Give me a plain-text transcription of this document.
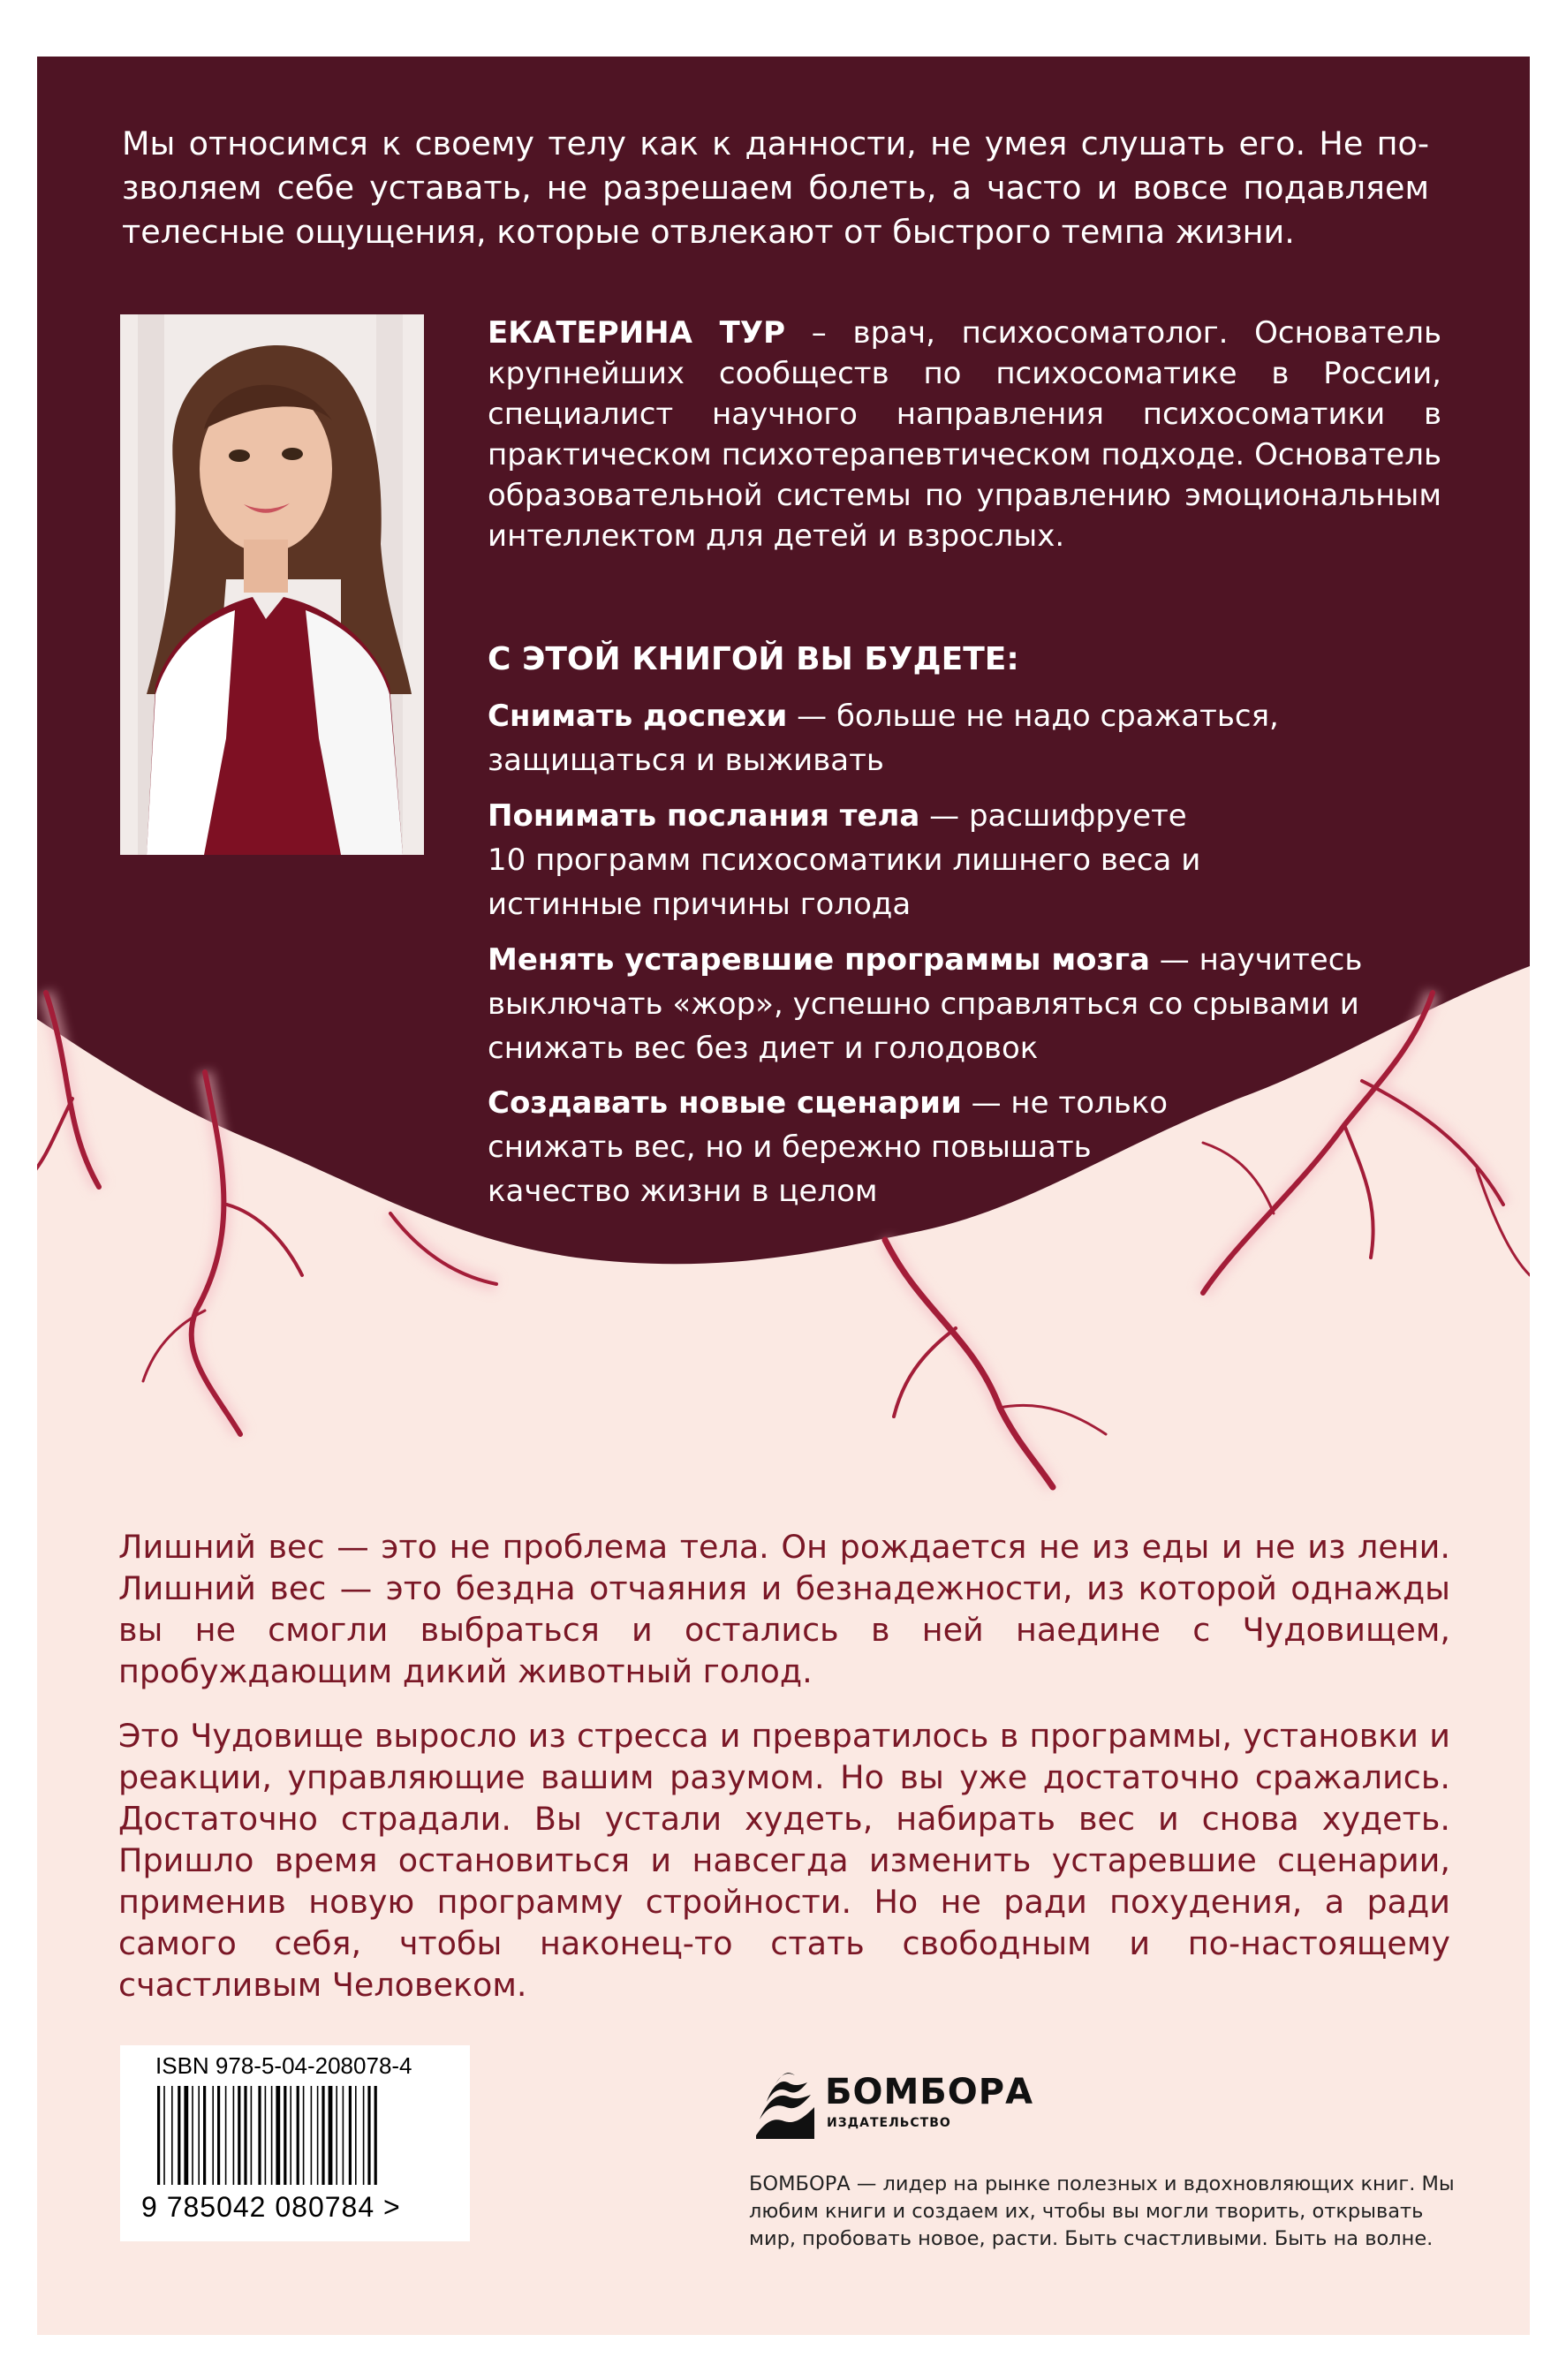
Мы относимся к своему телу как к данности, не умея слушать его. Не позволяем себе уставать, не разрешаем болеть, а часто и вовсе подавляем телесные ощущения, которые отвлекают от быстрого темпа жизни.
ЕКАТЕРИНА ТУР – врач, психосоматолог. Основатель крупнейших сообществ по психосоматике в России, специалист научного направления психосоматики в практическом психотерапевтическом подходе. Основатель образовательной системы по управлению эмоциональным интеллектом для детей и взрослых.
С ЭТОЙ КНИГОЙ ВЫ БУДЕТЕ:
Снимать доспехи — больше не надо сражаться, защищаться и выживать
Понимать послания тела — расшифруете 10 программ психосоматики лишнего веса и истинные причины голода
Менять устаревшие программы мозга — научитесь выключать «жор», успешно справляться со срывами и снижать вес без диет и голодовок
Создавать новые сценарии — не только снижать вес, но и бережно повышать качество жизни в целом
Лишний вес — это не проблема тела. Он рождается не из еды и не из лени. Лишний вес — это бездна отчаяния и безнадежности, из которой однажды вы не смогли выбраться и остались в ней наедине с Чудовищем, пробуждающим дикий животный голод.
Это Чудовище выросло из стресса и превратилось в программы, установки и реакции, управляющие вашим разумом. Но вы уже достаточно сражались. Достаточно страдали. Вы устали худеть, набирать вес и снова худеть. Пришло время остановиться и навсегда изменить устаревшие сценарии, применив новую программу стройности. Но не ради похудения, а ради самого себя, чтобы наконец-то стать свободным и по-настоящему счастливым Человеком.
ISBN 978-5-04-208078-4
9 785042 080784 >
БОМБОРА
ИЗДАТЕЛЬСТВО
БОМБОРА — лидер на рынке полезных и вдохновляющих книг. Мы любим книги и создаем их, чтобы вы могли творить, открывать мир, пробовать новое, расти. Быть счастливыми. Быть на волне.
